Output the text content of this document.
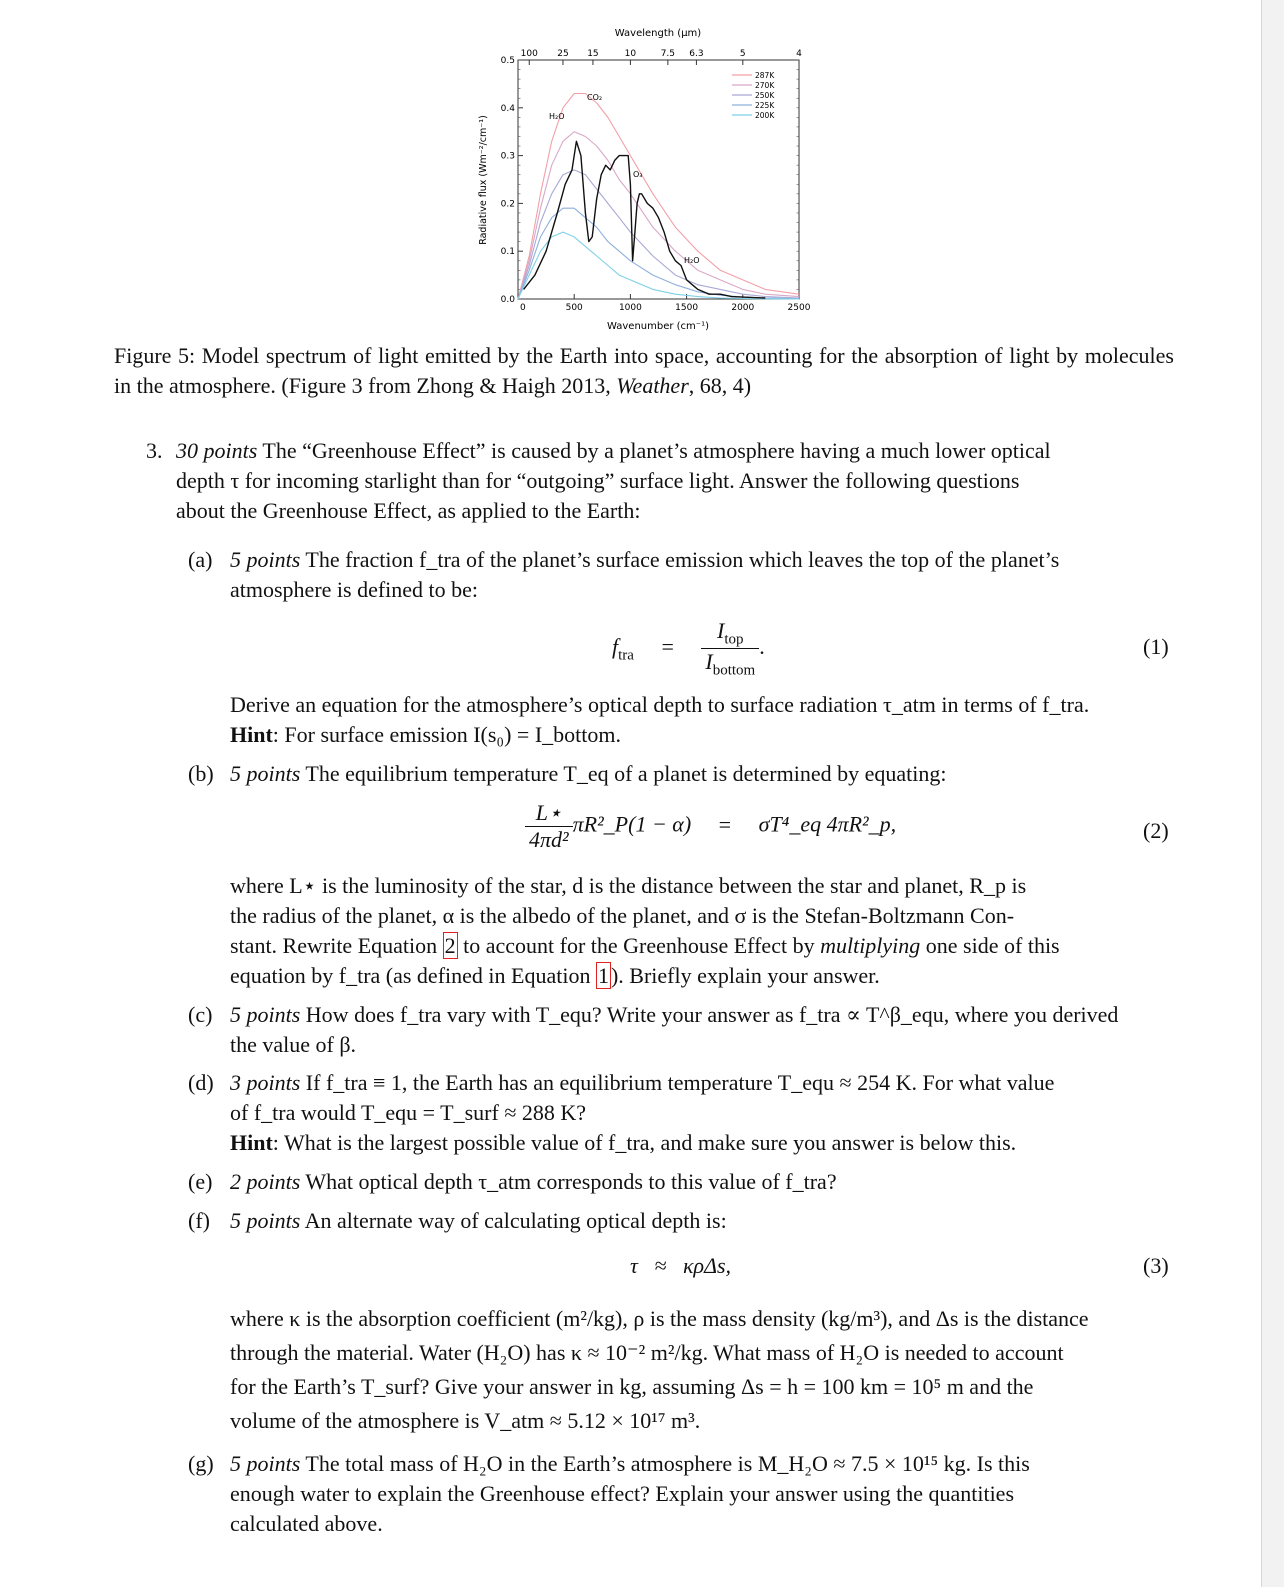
Wavelength (μm)
Wavenumber (cm⁻¹)
Radiative flux (Wm⁻²/cm⁻¹)
0	500	1000	1500	2000	2500
0.5
0.4
0.3
0.2
0.1
0.0
100 25 15	10	7.5 6.3	5	4
H₂O
CO₂
O₃
H₂O
287K
270K
250K
225K
200K
Figure 5: Model spectrum of light emitted by the Earth into space, accounting for the absorption of light by molecules in the atmosphere. (Figure 3 from Zhong & Haigh 2013, Weather, 68, 4)
3. 30 points The “Greenhouse Effect” is caused by a planet’s atmosphere having a much lower optical
depth τ for incoming starlight than for “outgoing” surface light. Answer the following questions
about the Greenhouse Effect, as applied to the Earth:
(a) 5 points The fraction f_tra of the planet’s surface emission which leaves the top of the planet’s
atmosphere is defined to be:
$f_{tra} = \frac{I_{top}}{I_{bottom}}$ .	(1)
Derive an equation for the atmosphere’s optical depth to surface radiation τ_atm in terms of f_tra.
Hint: For surface emission I(s₀) = I_bottom.
(b) 5 points The equilibrium temperature T_eq of a planet is determined by equating:
$\frac{L⋆}{\text{4πd²}}$ πR²_P(1 − α) = σT⁴_eq 4πR²_p,	(2)
where L⋆ is the luminosity of the star, d is the distance between the star and planet, R_p is
the radius of the planet, α is the albedo of the planet, and σ is the Stefan-Boltzmann Con-
stant. Rewrite Equation 2 to account for the Greenhouse Effect by multiplying one side of this
equation by f_tra (as defined in Equation 1). Briefly explain your answer.
(c) 5 points How does f_tra vary with T_equ? Write your answer as f_tra ∝ T^β_equ, where you derived
the value of β.
(d) 3 points If f_tra ≡ 1, the Earth has an equilibrium temperature T_equ ≈ 254 K. For what value
of f_tra would T_equ = T_surf ≈ 288 K?
Hint: What is the largest possible value of f_tra, and make sure you answer is below this.
(e) 2 points What optical depth τ_atm corresponds to this value of f_tra?
(f) 5 points An alternate way of calculating optical depth is:
τ   ≈   κρΔs,	(3)
where κ is the absorption coefficient (m²/kg), ρ is the mass density (kg/m³), and Δs is the distance
through the material. Water (H₂O) has κ ≈ 10⁻² m²/kg. What mass of H₂O is needed to account
for the Earth’s T_surf? Give your answer in kg, assuming Δs = h = 100 km = 10⁵ m and the
volume of the atmosphere is V_atm ≈ 5.12 × 10¹⁷ m³.
(g) 5 points The total mass of H₂O in the Earth’s atmosphere is M_H₂O ≈ 7.5 × 10¹⁵ kg. Is this
enough water to explain the Greenhouse effect? Explain your answer using the quantities
calculated above.
